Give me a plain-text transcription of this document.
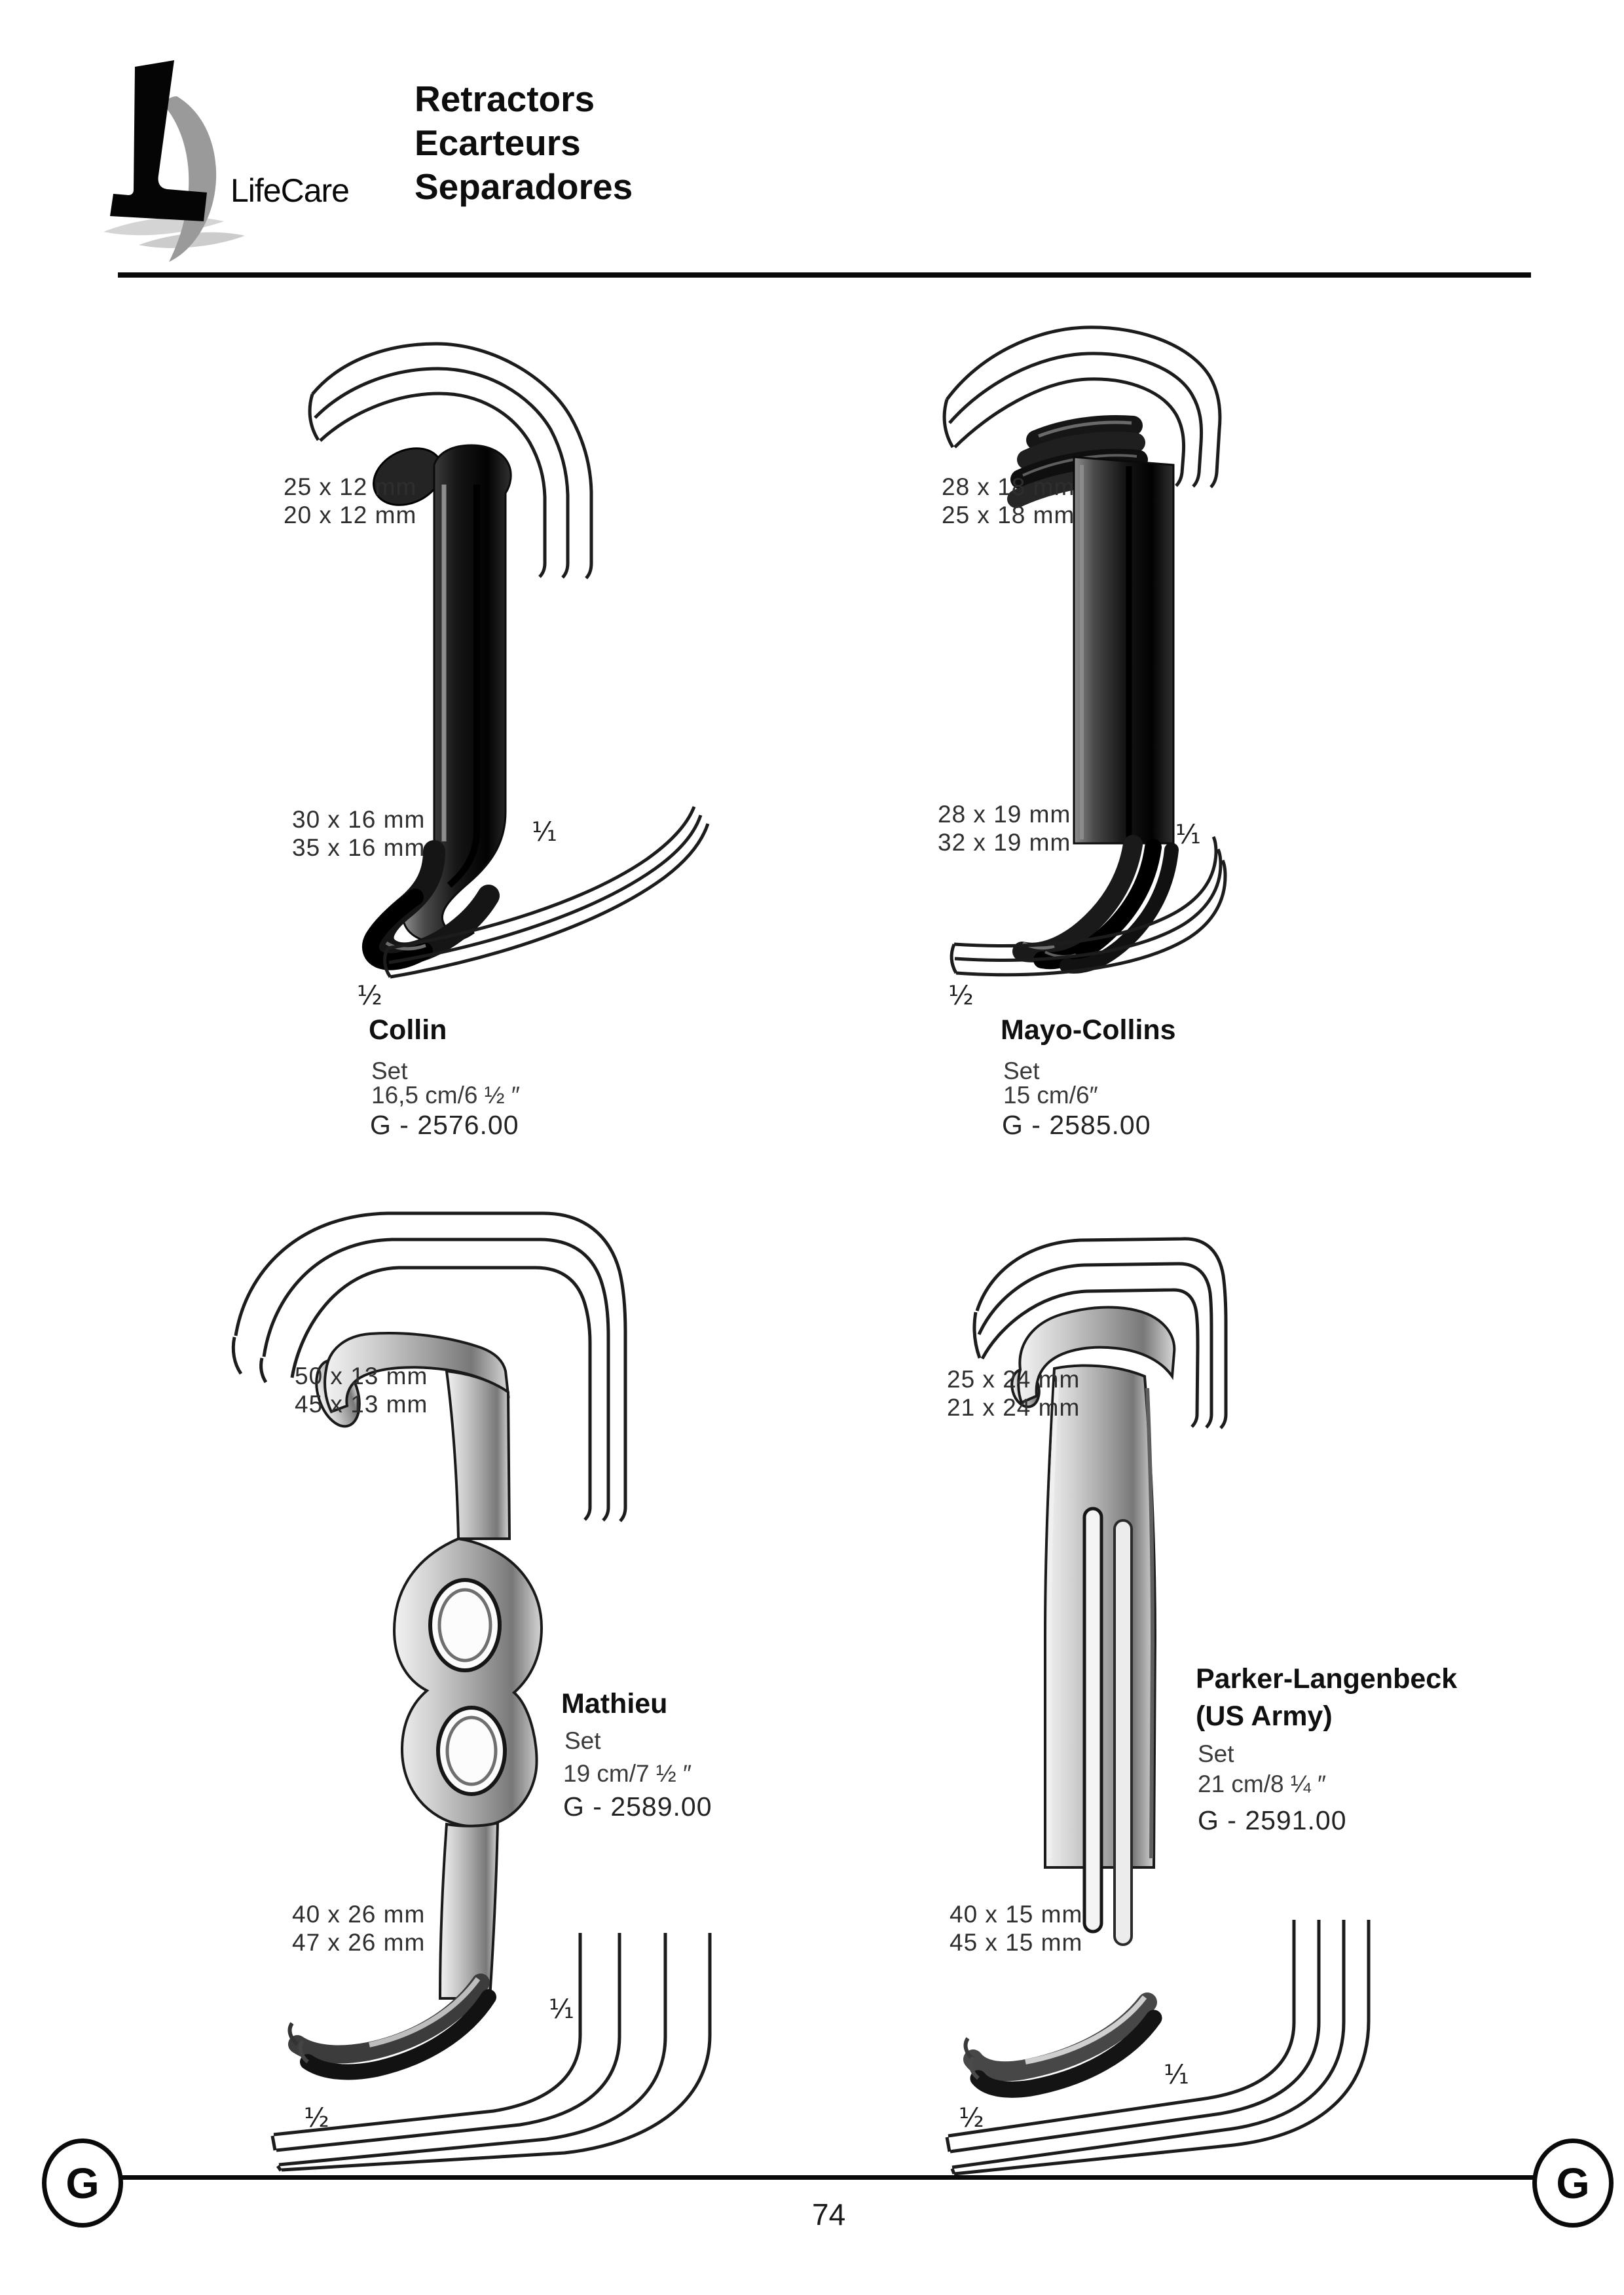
LifeCare
Retractors
Ecarteurs
Separadores
25 x 12 mm
20 x 12 mm
30 x 16 mm
35 x 16 mm
¹⁄₁
¹⁄₂
Collin
Set
16,5 cm/6 ½ ″
G - 2576.00
28 x 18 mm
25 x 18 mm
28 x 19 mm
32 x 19 mm	¹⁄₁
¹⁄₂
Mayo-Collins
Set
15 cm/6″
G - 2585.00
50 x 13 mm
45 x 13 mm
40 x 26 mm
47 x 26 mm
¹⁄₁
¹⁄₂
Mathieu
Set
19 cm/7 ½ ″
G - 2589.00
25 x 24 mm
21 x 24 mm
40 x 15 mm
45 x 15 mm
¹⁄₁
¹⁄₂
Parker-Langenbeck
(US Army)
Set
21 cm/8 ¼ ″
G - 2591.00
G	G
74
